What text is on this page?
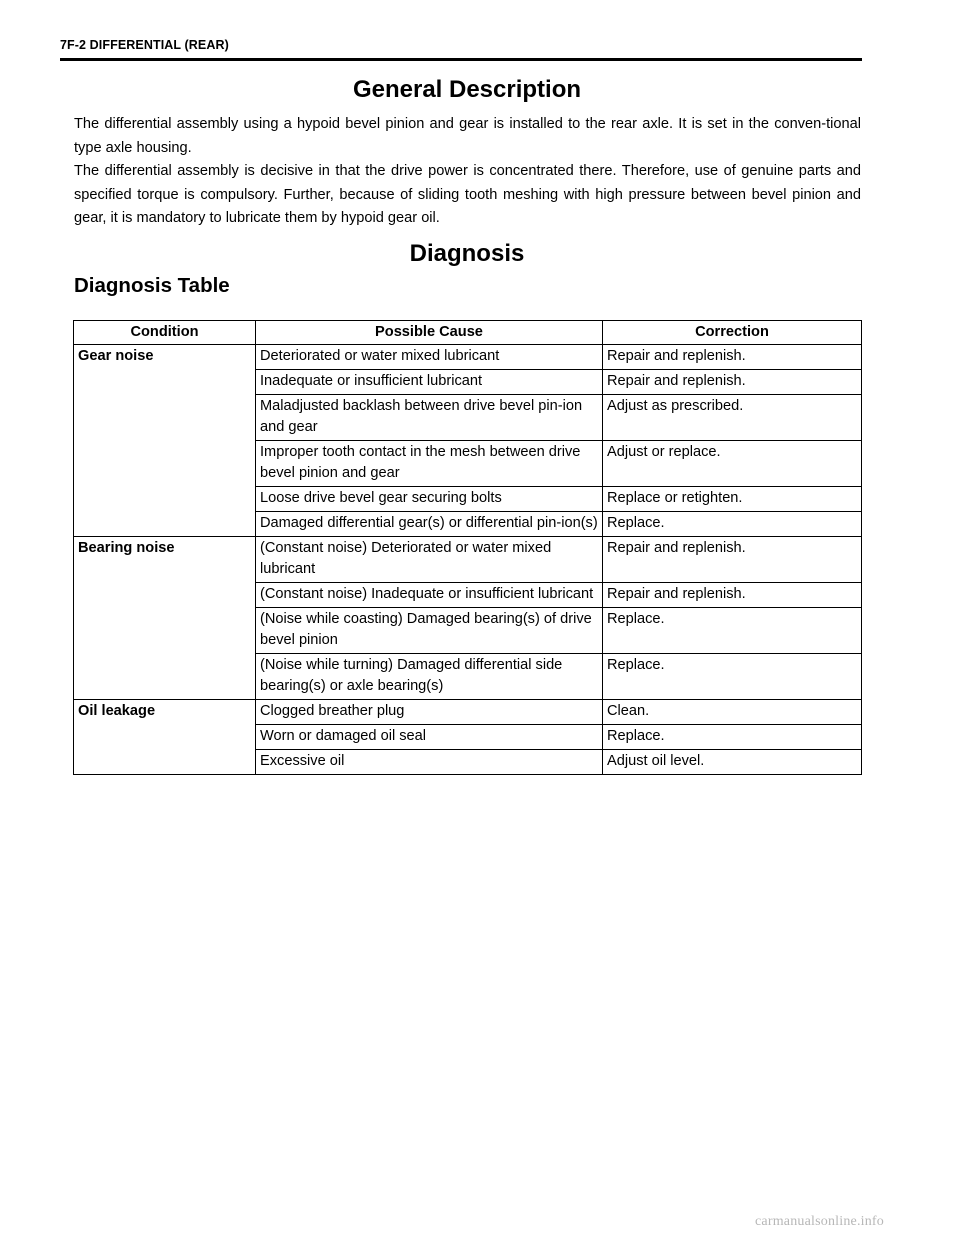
7F-2 DIFFERENTIAL (REAR)
General Description

The differential assembly using a hypoid bevel pinion and gear is installed to the rear axle. It is set in the conven-tional type axle housing.

The differential assembly is decisive in that the drive power is concentrated there. Therefore, use of genuine parts and specified torque is compulsory. Further, because of sliding tooth meshing with high pressure between bevel pinion and gear, it is mandatory to lubricate them by hypoid gear oil.

Diagnosis
Diagnosis Table
Condition	Possible Cause	Correction
Gear noise	Deteriorated or water mixed lubricant	Repair and replenish.
	Inadequate or insufficient lubricant	Repair and replenish.
	Maladjusted backlash between drive bevel pin-ion and gear	Adjust as prescribed.
	Improper tooth contact in the mesh between drive bevel pinion and gear	Adjust or replace.
	Loose drive bevel gear securing bolts	Replace or retighten.
	Damaged differential gear(s) or differential pin-ion(s)	Replace.
Bearing noise	(Constant noise) Deteriorated or water mixed lubricant	Repair and replenish.
	(Constant noise) Inadequate or insufficient lubricant	Repair and replenish.
	(Noise while coasting) Damaged bearing(s) of drive bevel pinion	Replace.
	(Noise while turning) Damaged differential side bearing(s) or axle bearing(s)	Replace.
Oil leakage	Clogged breather plug	Clean.
	Worn or damaged oil seal	Replace.
	Excessive oil	Adjust oil level.
carmanualsonline.info
